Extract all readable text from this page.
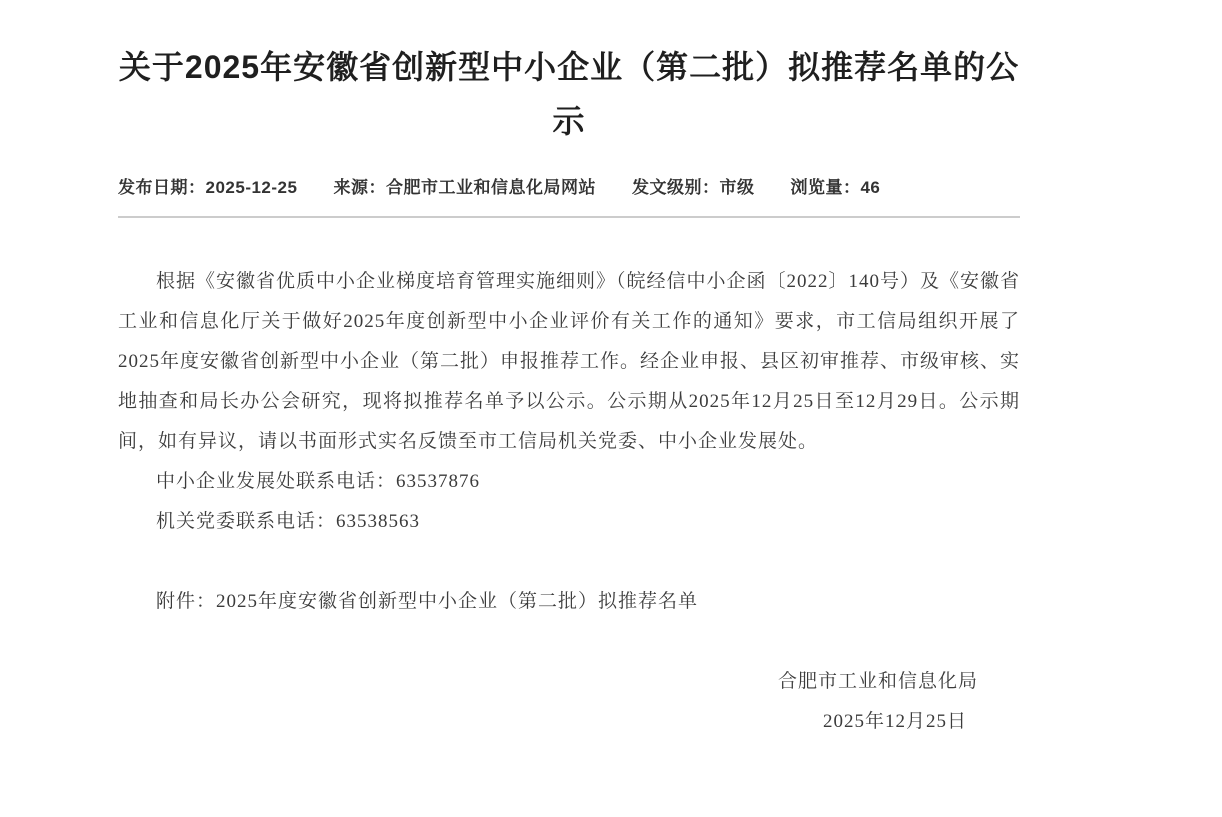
关于2025年安徽省创新型中小企业（第二批）拟推荐名单的公示
发布日期：2025-12-25 来源：合肥市工业和信息化局网站 发文级别：市级 浏览量：46

根据《安徽省优质中小企业梯度培育管理实施细则》（皖经信中小企函〔2022〕140号）及《安徽省工业和信息化厅关于做好2025年度创新型中小企业评价有关工作的通知》要求，市工信局组织开展了2025年度安徽省创新型中小企业（第二批）申报推荐工作。经企业申报、县区初审推荐、市级审核、实地抽查和局长办公会研究，现将拟推荐名单予以公示。公示期从2025年12月25日至12月29日。公示期间，如有异议，请以书面形式实名反馈至市工信局机关党委、中小企业发展处。

中小企业发展处联系电话：63537876

机关党委联系电话：63538563

附件：2025年度安徽省创新型中小企业（第二批）拟推荐名单

合肥市工业和信息化局

2025年12月25日
